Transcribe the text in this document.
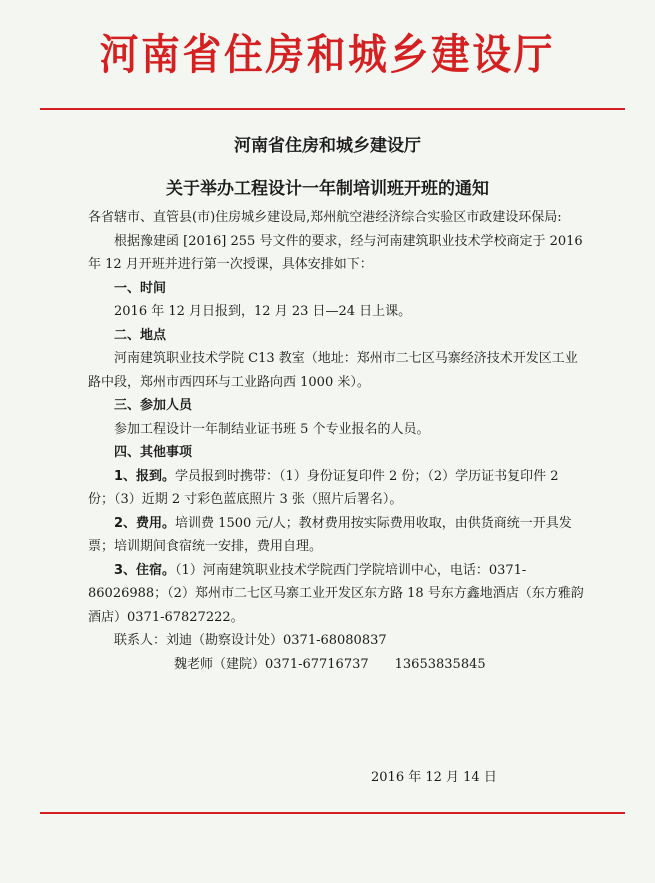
河南省住房和城乡建设厅
河南省住房和城乡建设厅
关于举办工程设计一年制培训班开班的通知

各省辖市、直管县(市)住房城乡建设局,郑州航空港经济综合实验区市政建设环保局:

根据豫建函 [2016] 255 号文件的要求，经与河南建筑职业技术学校商定于 2016 年 12 月开班并进行第一次授课，具体安排如下：

一、时间

2016 年 12 月日报到，12 月 23 日—24 日上课。

二、地点

河南建筑职业技术学院 C13 教室（地址：郑州市二七区马寨经济技术开发区工业路中段，郑州市西四环与工业路向西 1000 米）。

三、参加人员

参加工程设计一年制结业证书班 5 个专业报名的人员。

四、其他事项

1、报到。学员报到时携带：（1）身份证复印件 2 份；（2）学历证书复印件 2 份；（3）近期 2 寸彩色蓝底照片 3 张（照片后署名）。

2、费用。培训费 1500 元/人；教材费用按实际费用收取，由供货商统一开具发票；培训期间食宿统一安排，费用自理。

3、住宿。（1）河南建筑职业技术学院西门学院培训中心，电话：0371-86026988；（2）郑州市二七区马寨工业开发区东方路 18 号东方鑫地酒店（东方雅韵酒店）0371-67827222。

联系人：刘迪（勘察设计处）0371-68080837

魏老师（建院）0371-67716737　　13653835845

2016 年 12 月 14 日
